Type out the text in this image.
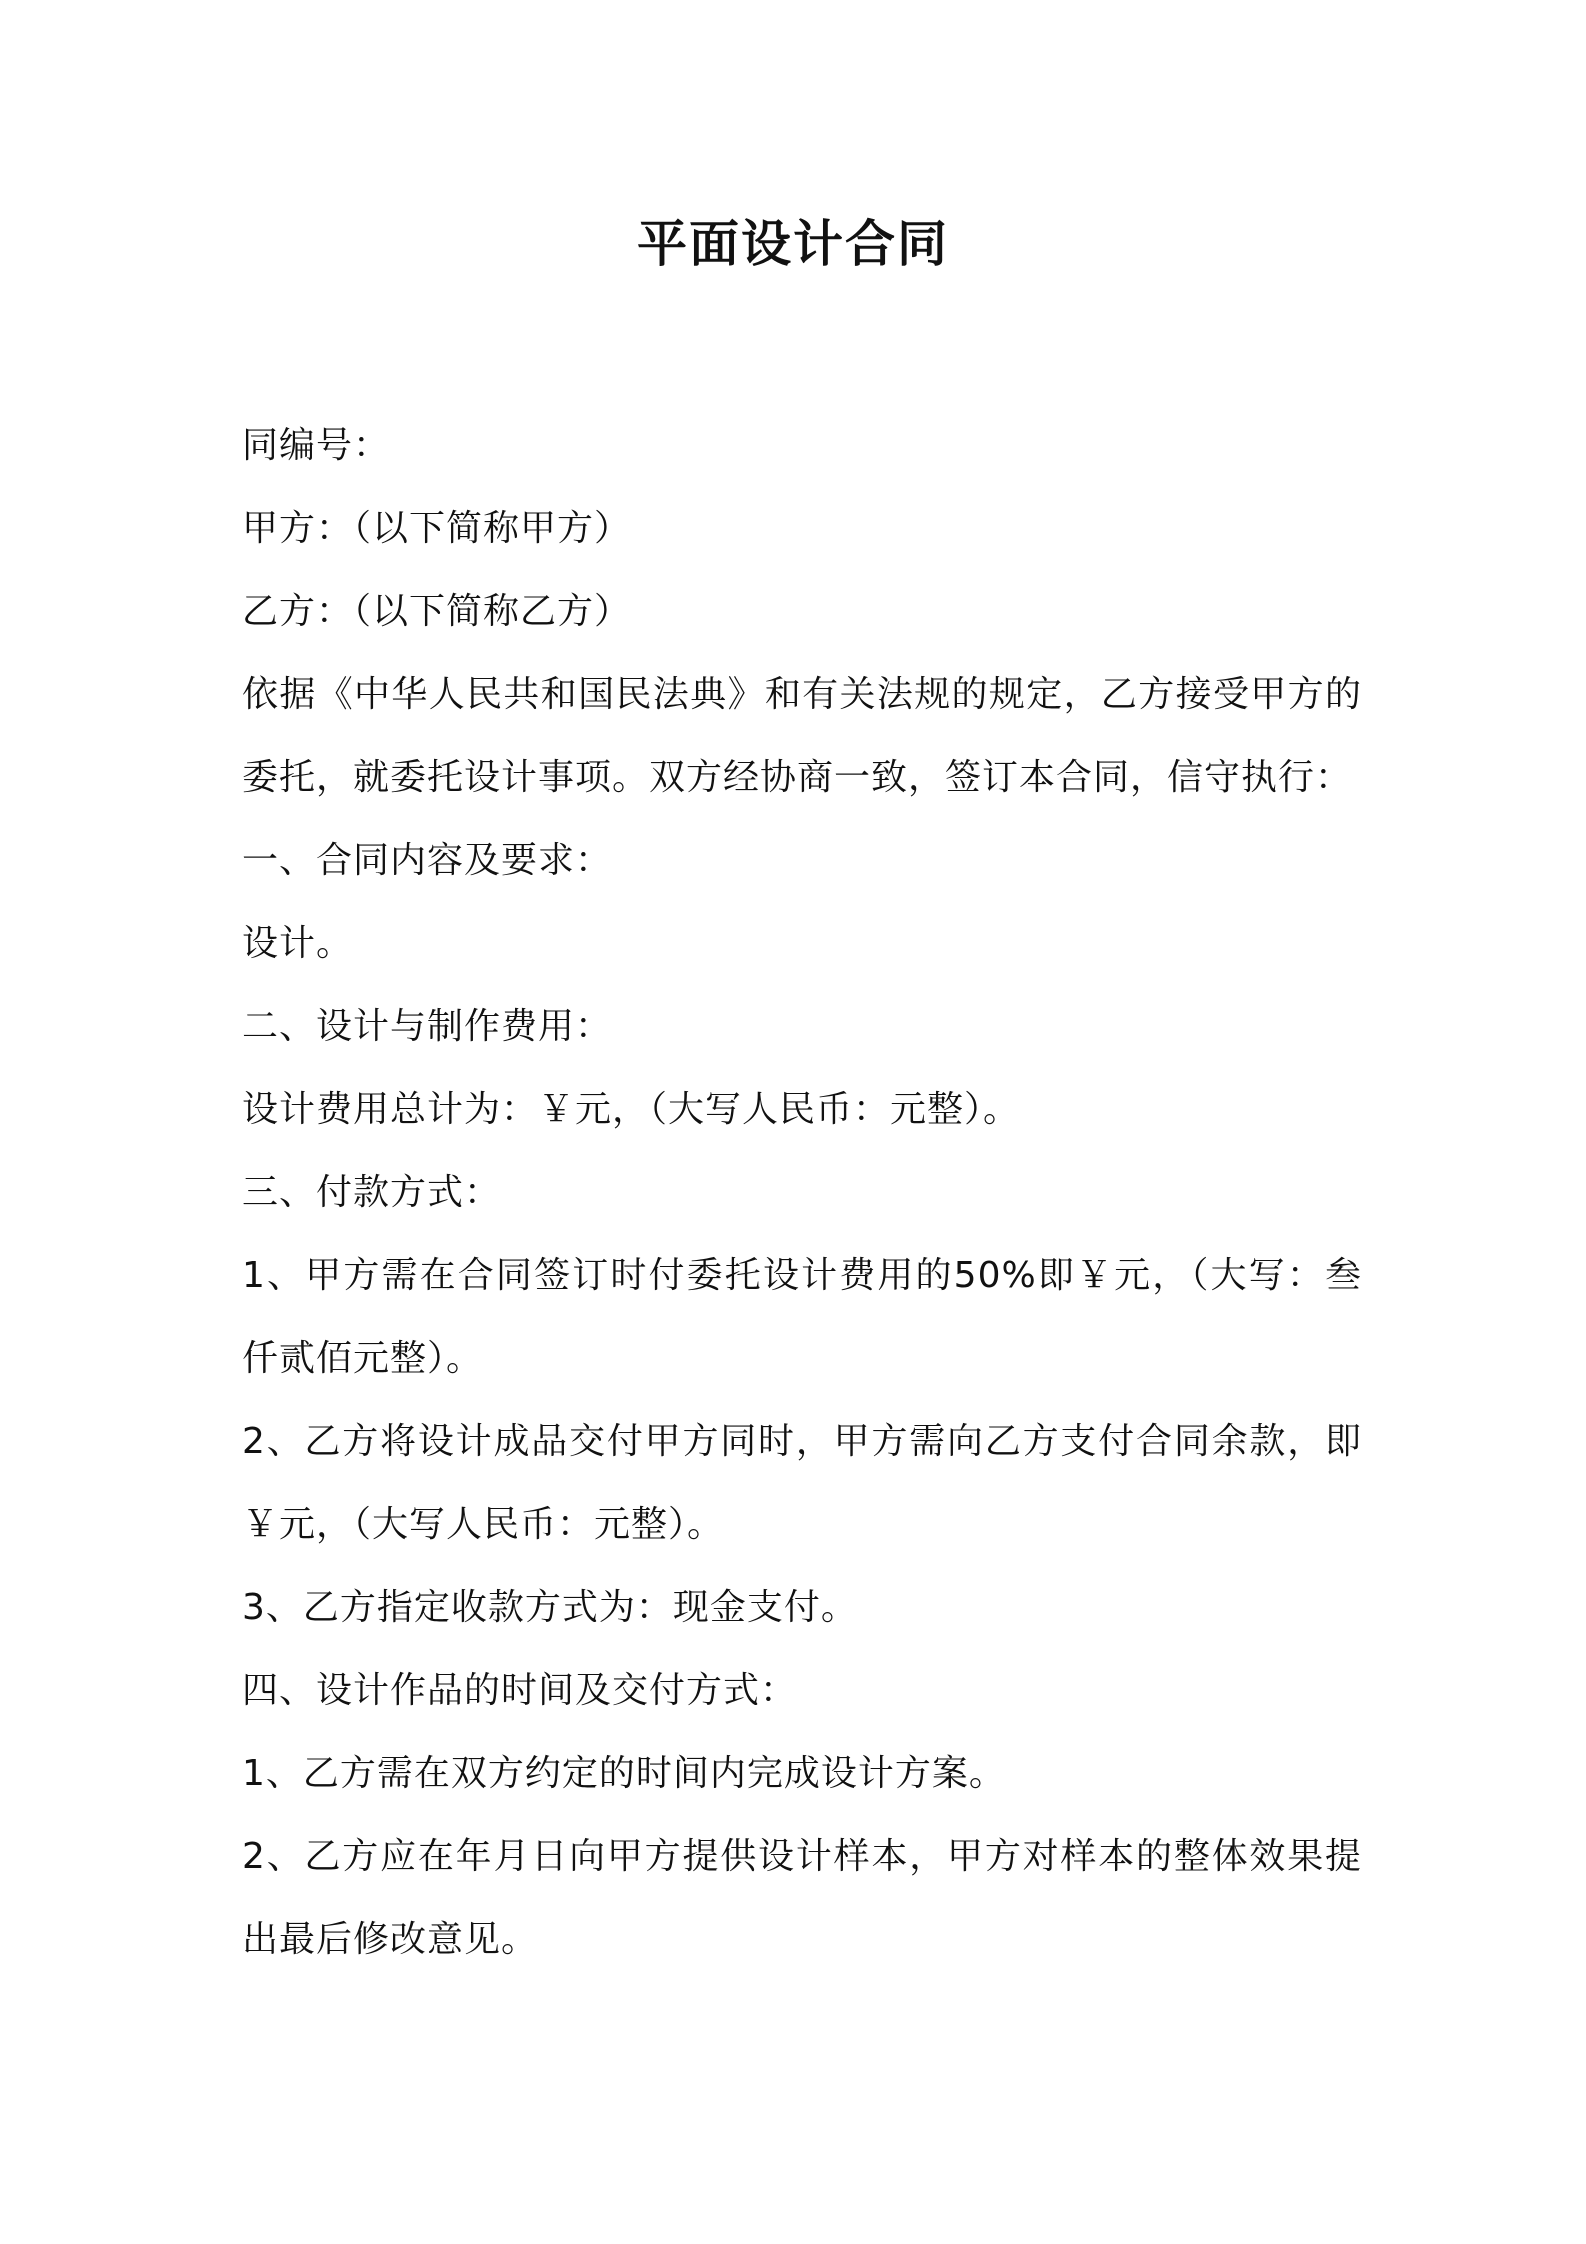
平面设计合同

同编号：

甲方：（以下简称甲方）

乙方：（以下简称乙方）

依据《中华人民共和国民法典》和有关法规的规定，乙方接受甲方的委托，就委托设计事项。双方经协商一致，签订本合同，信守执行：

一、合同内容及要求：

设计。

二、设计与制作费用：

设计费用总计为：￥元，（大写人民币：元整）。

三、付款方式：

1、甲方需在合同签订时付委托设计费用的50%即￥元，（大写：叁仟贰佰元整）。

2、乙方将设计成品交付甲方同时，甲方需向乙方支付合同余款，即￥元，（大写人民币：元整）。

3、乙方指定收款方式为：现金支付。

四、设计作品的时间及交付方式：

1、乙方需在双方约定的时间内完成设计方案。

2、乙方应在年月日向甲方提供设计样本，甲方对样本的整体效果提出最后修改意见。
